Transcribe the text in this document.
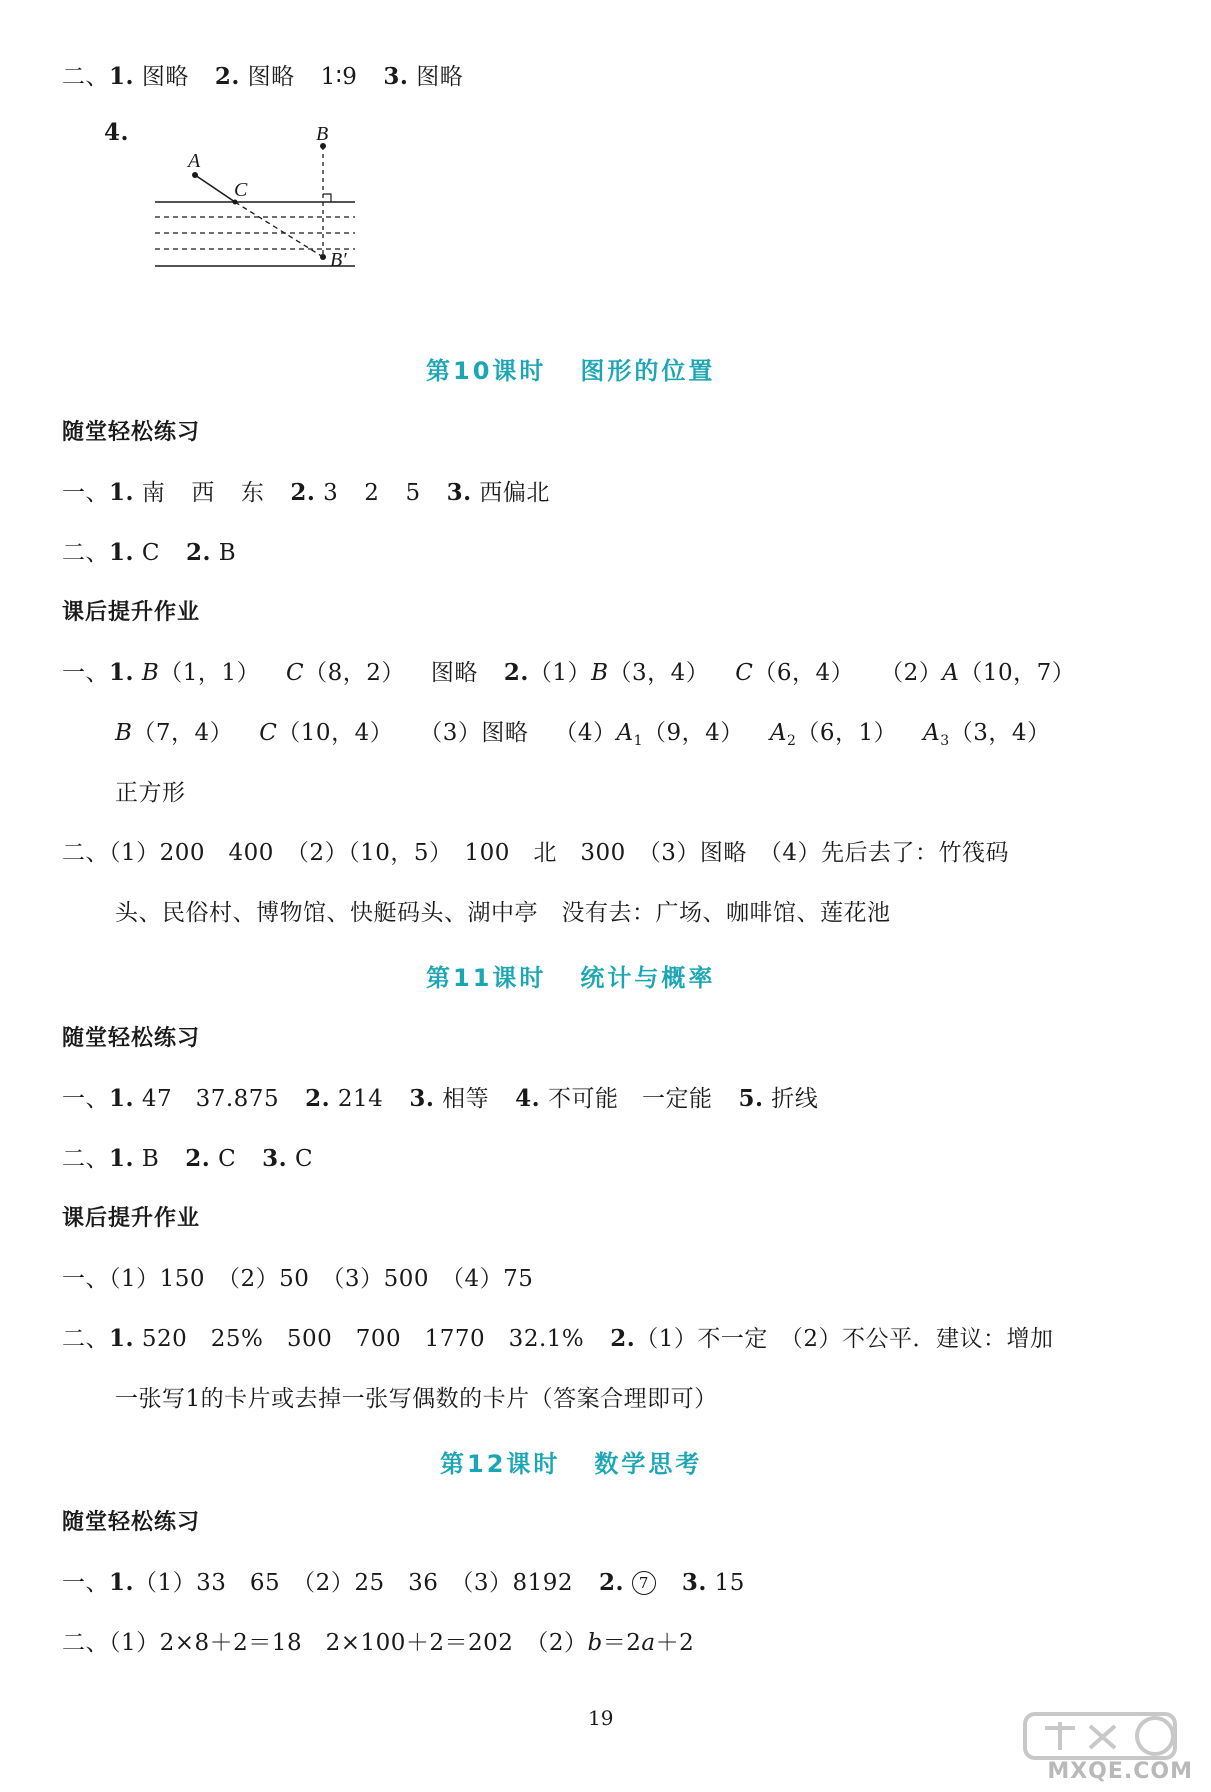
二、1. 图略 2. 图略 1∶9 3. 图略
4.
A
C
B
B′
第10课时 图形的位置
随堂轻松练习
一、1. 南 西 东 2. 3 2 5 3. 西偏北
二、1. C 2. B
课后提升作业
一、1. B（1，1） C（8，2） 图略 2.（1）B（3，4） C（6，4） （2）A（10，7）
B（7，4） C（10，4） （3）图略 $(4)A_1(9$，4） $A_2(6$，1） $A_3(3$，4）
正方形
二、（1）200　400　（2）（10，5）　100　北　300　（3）图略　（4）先后去了：竹筏码
头、民俗村、博物馆、快艇码头、湖中亭　没有去：广场、咖啡馆、莲花池
第11课时 统计与概率
随堂轻松练习
一、1. 47　37.875 2. 214 3. 相等 4. 不可能　一定能 5. 折线
二、1. B 2. C 3. C
课后提升作业
一、（1）150　（2）50　（3）500　（4）75
二、1. 520　25%　500　700　1770　32.1% 2.（1）不一定　（2）不公平．建议：增加
一张写1的卡片或去掉一张写偶数的卡片（答案合理即可）
第12课时 数学思考
随堂轻松练习
一、1.（1）33　65　（2）25　36　（3）8192 2. 7 3. 15
二、（1）2×8＋2＝18　2×100＋2＝202　（2）b＝2a＋2
19
MXQE.COM
